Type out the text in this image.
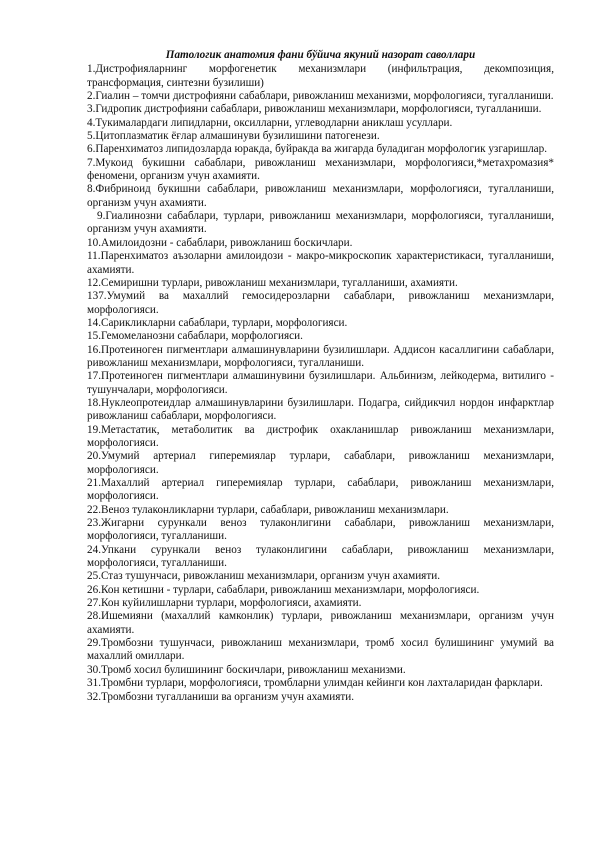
Патологик анатомия фани бўйича якуний назорат саволлари

1.Дистрофияларнинг морфогенетик механизмлари (инфильтрация, декомпозиция, трансформация, синтезни бузилиши)

2.Гиалин – томчи дистрофияни сабаблари, ривожланиш механизми, морфологияси, тугалланиши.

3.Гидропик дистрофияни сабаблари, ривожланиш механизмлари, морфологияси, тугалланиши.

4.Тукималардаги липидларни, оксилларни, углеводларни аниклаш усуллари.

5.Цитоплазматик ёғлар алмашинуви бузилишини патогенези.

6.Паренхиматоз липидозларда юракда, буйракда ва жигарда буладиган морфологик узгаришлар.

7.Мукоид букишни сабаблари, ривожланиш механизмлари, морфологияси,*метахромазия* феномени, организм учун ахамияти.

8.Фибриноид букишни сабаблари, ривожланиш механизмлари, морфологияси, тугалланиши, организм учун ахамияти.

9.Гиалинозни сабаблари, турлари, ривожланиш механизмлари, морфологияси, тугалланиши, организм учун ахамияти.

10.Амилоидозни - сабаблари, ривожланиш боскичлари.

11.Паренхиматоз аъзоларни амилоидози - макро-микроскопик характеристикаси, тугалланиши, ахамияти.

12.Семиришни турлари, ривожланиш механизмлари, тугалланиши, ахамияти.

137.Умумий ва махаллий гемосидерозларни сабаблари, ривожланиш механизмлари, морфологияси.

14.Сарикликларни сабаблари, турлари, морфологияси.

15.Гемомеланозни сабаблари, морфологияси.

16.Протеиноген пигментлари алмашинувларини бузилишлари. Аддисон касаллигини сабаблари, ривожланиш механизмлари, морфологияси, тугалланиши.

17.Протеиноген пигментлари алмашинувини бузилишлари. Альбинизм, лейкодерма, витилиго - тушунчалари, морфологияси.

18.Нуклеопротеидлар алмашинувларини бузилишлари. Подагра, сийдикчил нордон инфарктлар ривожланиш сабаблари, морфологияси.

19.Метастатик, метаболитик ва дистрофик охакланишлар ривожланиш механизмлари, морфологияси.

20.Умумий артериал гиперемиялар турлари, сабаблари, ривожланиш механизмлари, морфологияси.

21.Махаллий артериал гиперемиялар турлари, сабаблари, ривожланиш механизмлари, морфологияси.

22.Веноз тулаконликларни турлари, сабаблари, ривожланиш механизмлари.

23.Жигарни сурункали веноз тулаконлигини сабаблари, ривожланиш механизмлари, морфологияси, тугалланиши.

24.Упкани сурункали веноз тулаконлигини сабаблари, ривожланиш механизмлари, морфологияси, тугалланиши.

25.Стаз тушунчаси, ривожланиш механизмлари, организм учун ахамияти.

26.Кон кетишни - турлари, сабаблари, ривожланиш механизмлари, морфологияси.

27.Кон куйилишларни турлари, морфологияси, ахамияти.

28.Ишемияни (махаллий камконлик) турлари, ривожланиш механизмлари, организм учун ахамияти.

29.Тромбозни тушунчаси, ривожланиш механизмлари, тромб хосил булишининг умумий ва махаллий омиллари.

30.Тромб хосил булишининг боскичлари, ривожланиш механизми.

31.Тромбни турлари, морфологияси, тромбларни улимдан кейинги кон лахталаридан фарклари.

32.Тромбозни тугалланиши ва организм учун ахамияти.
